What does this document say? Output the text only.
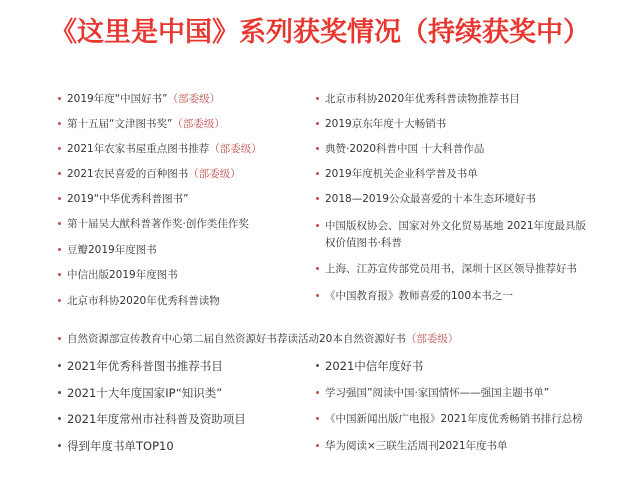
《这里是中国》系列获奖情况（持续获奖中）
2019年度“中国好书”（部委级）
第十五届“文津图书奖”（部委级）
2021年农家书屋重点图书推荐（部委级）
2021农民喜爱的百种图书（部委级）
2019“中华优秀科普图书”
第十届吴大猷科普著作奖·创作类佳作奖
豆瓣2019年度图书
中信出版2019年度图书
北京市科协2020年优秀科普读物
北京市科协2020年优秀科普读物推荐书目
2019京东年度十大畅销书
典赞·2020科普中国 十大科普作品
2019年度机关企业科学普及书单
2018—2019公众最喜爱的十本生态环境好书
中国版权协会、国家对外文化贸易基地 2021年度最具版
权价值图书·科普
上海、江苏宣传部党员用书，深圳十区区领导推荐好书
《中国教育报》教师喜爱的100本书之一
自然资源部宣传教育中心第二届自然资源好书荐读活动20本自然资源好书（部委级）
2021年优秀科普图书推荐书目
2021十大年度国家IP“知识类”
2021年度常州市社科普及资助项目
得到年度书单TOP10
2021中信年度好书
学习强国”阅读中国·家国情怀——强国主题书单”
《中国新闻出版广电报》2021年度优秀畅销书排行总榜
华为阅读×三联生活周刊2021年度书单
